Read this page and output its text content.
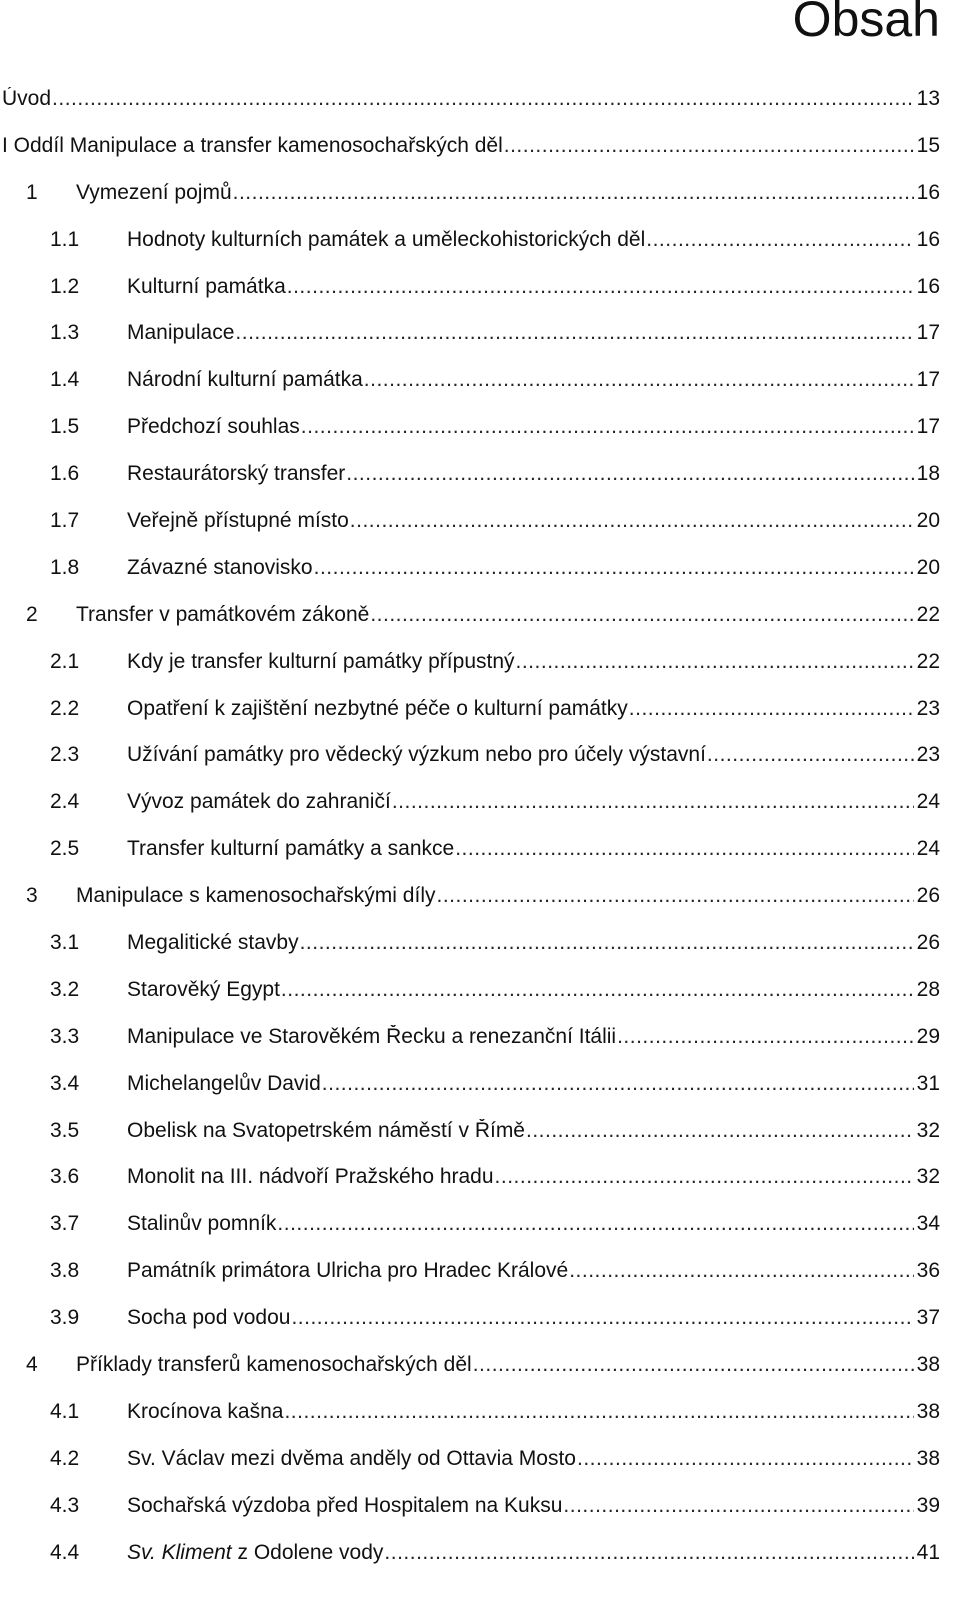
Obsah
Úvod .....	13
I Oddíl Manipulace a transfer kamenosochařských děl .....	15
1	Vymezení pojmů .....	16
1.1	Hodnoty kulturních památek a uměleckohistorických děl .....	16
1.2	Kulturní památka .....	16
1.3	Manipulace .....	17
1.4	Národní kulturní památka .....	17
1.5	Předchozí souhlas .....	17
1.6	Restaurátorský transfer .....	18
1.7	Veřejně přístupné místo .....	20
1.8	Závazné stanovisko .....	20
2	Transfer v památkovém zákoně .....	22
2.1	Kdy je transfer kulturní památky přípustný .....	22
2.2	Opatření k zajištění nezbytné péče o kulturní památky .....	23
2.3	Užívání památky pro vědecký výzkum nebo pro účely výstavní .....	23
2.4	Vývoz památek do zahraničí .....	24
2.5	Transfer kulturní památky a sankce .....	24
3	Manipulace s kamenosochařskými díly .....	26
3.1	Megalitické stavby .....	26
3.2	Starověký Egypt .....	28
3.3	Manipulace ve Starověkém Řecku a renezanční Itálii .....	29
3.4	Michelangelův David .....	31
3.5	Obelisk na Svatopetrském náměstí v Římě .....	32
3.6	Monolit na III. nádvoří Pražského hradu .....	32
3.7	Stalinův pomník .....	34
3.8	Památník primátora Ulricha pro Hradec Králové .....	36
3.9	Socha pod vodou .....	37
4	Příklady transferů kamenosochařských děl .....	38
4.1	Krocínova kašna .....	38
4.2	Sv. Václav mezi dvěma anděly od Ottavia Mosto .....	38
4.3	Sochařská výzdoba před Hospitalem na Kuksu .....	39
4.4	Sv. Kliment z Odolene vody .....	41
